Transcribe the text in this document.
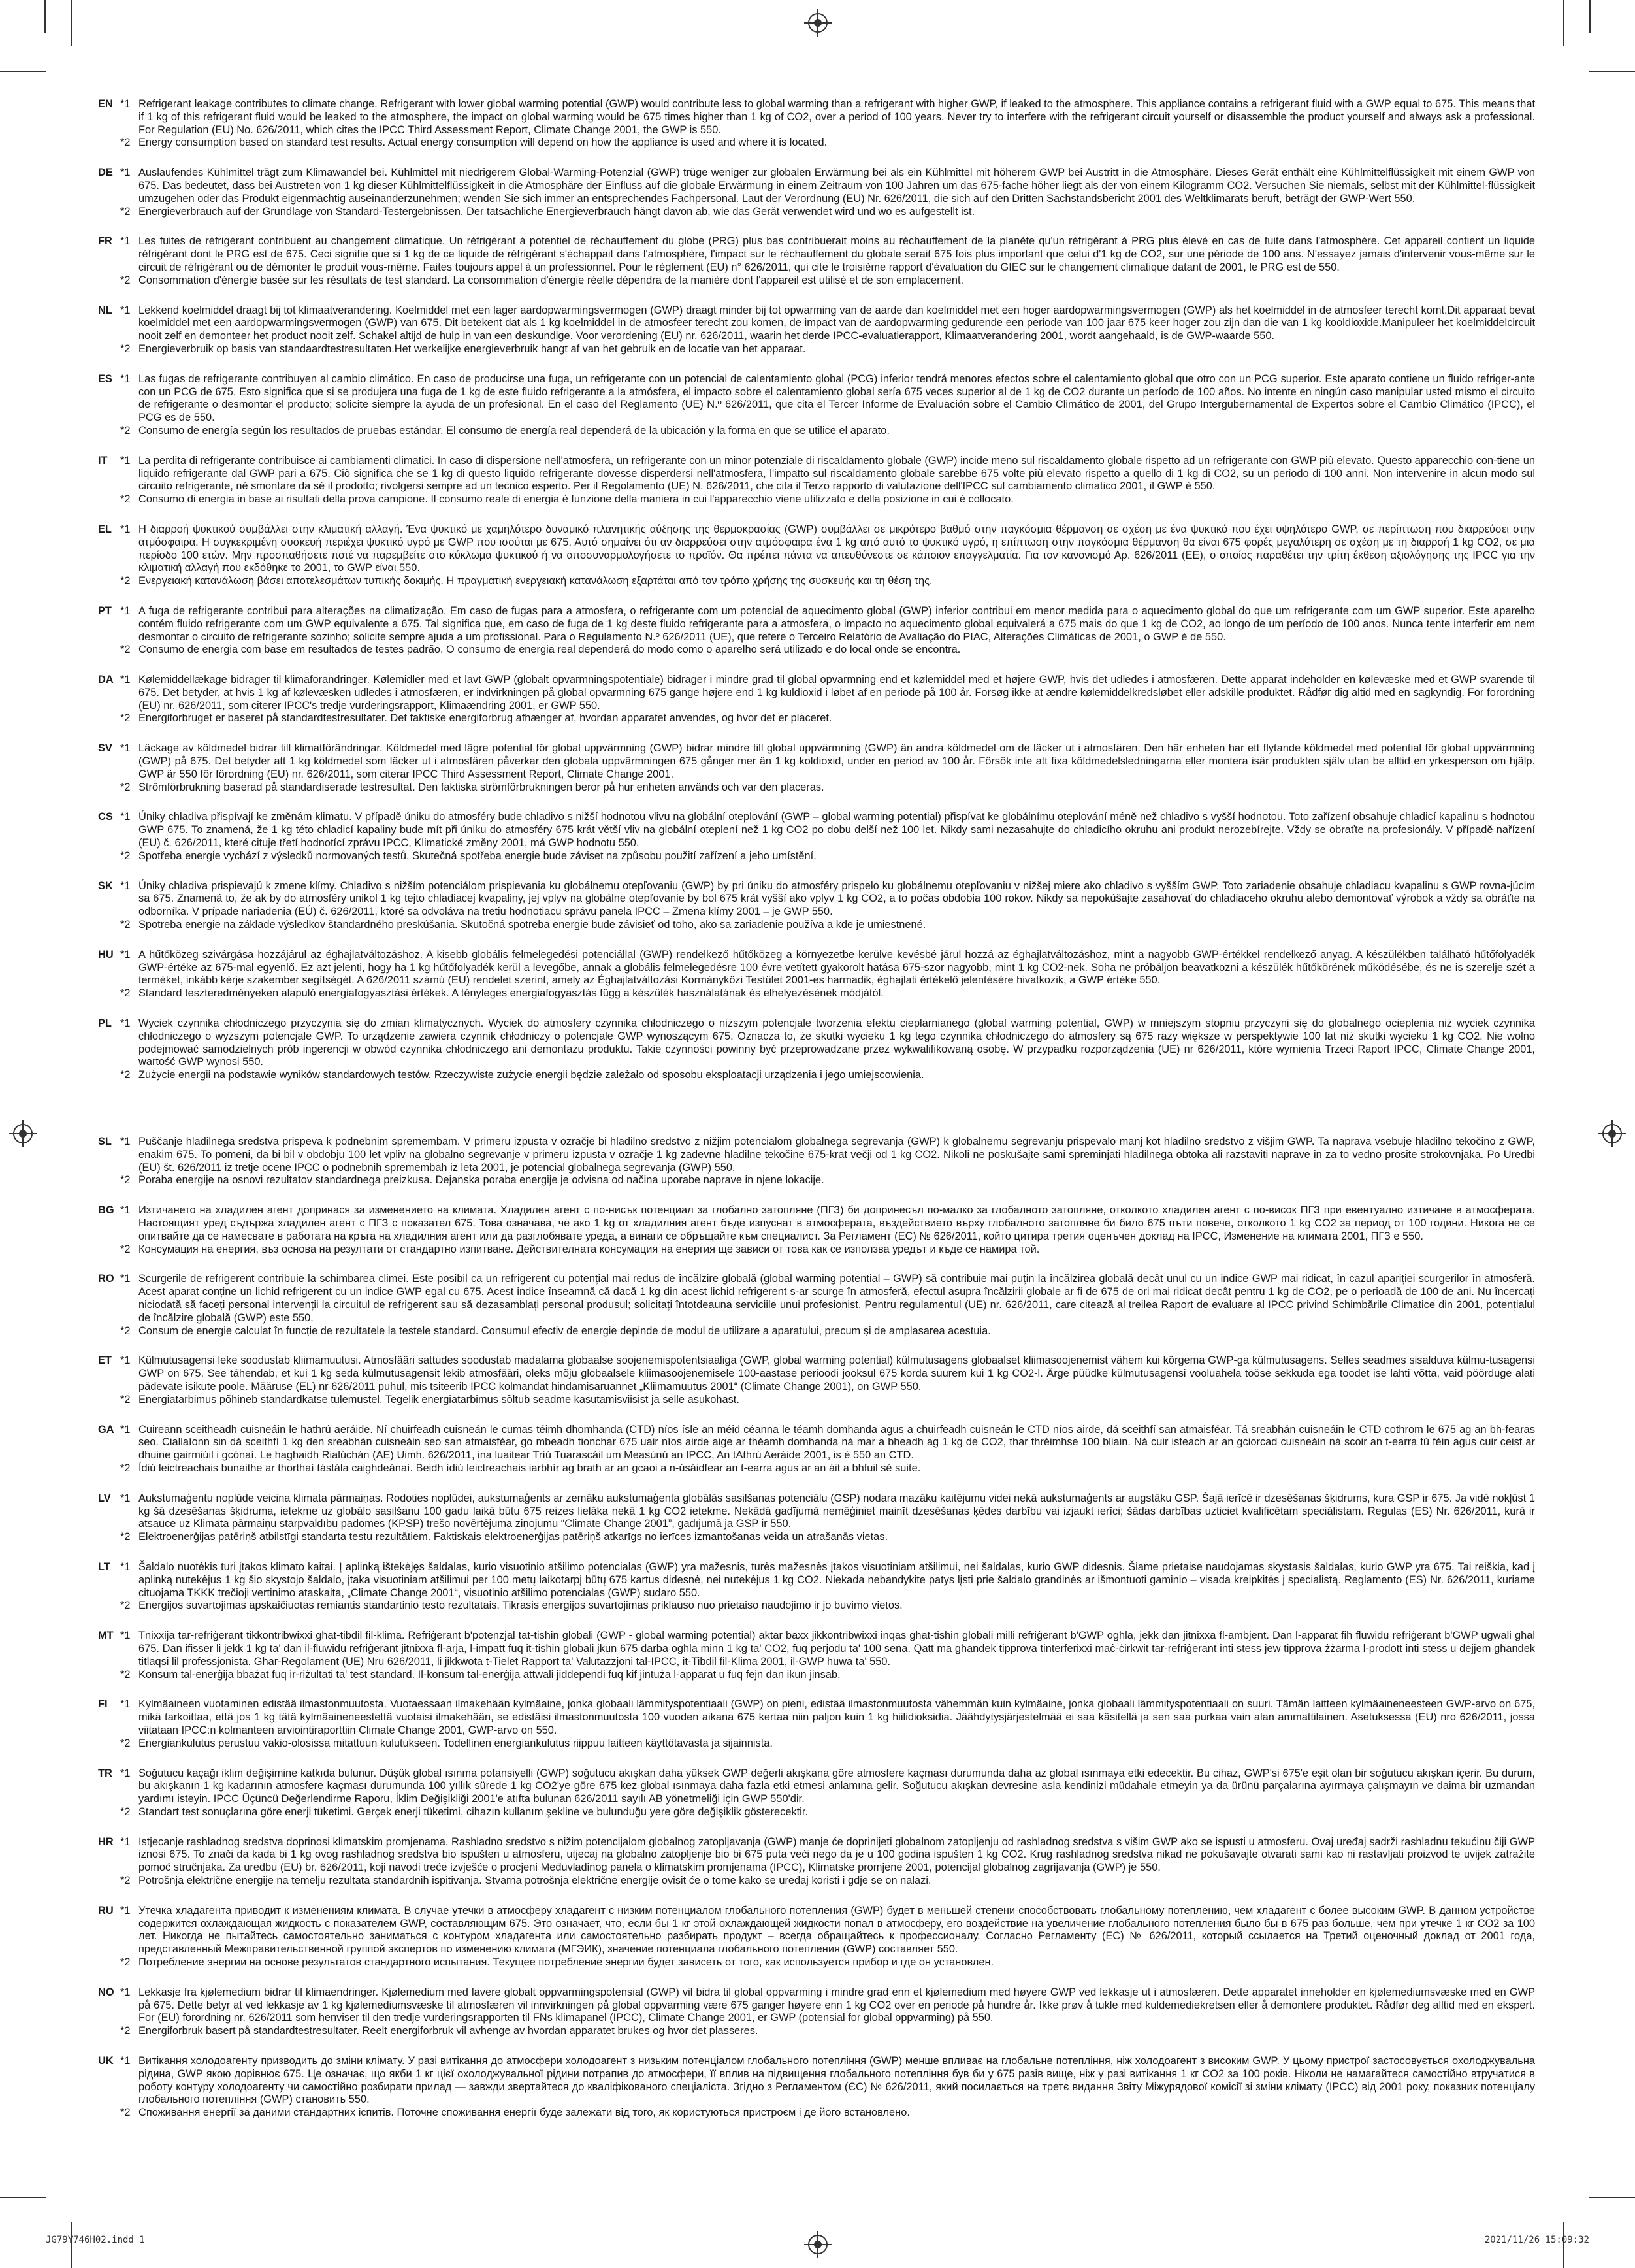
EN *1 Refrigerant leakage contributes to climate change. Refrigerant with lower global warming potential (GWP) would contribute less to global warming than a refrigerant with higher GWP, if leaked to the atmosphere. This appliance contains a refrigerant fluid with a GWP equal to 675. This means that if 1 kg of this refrigerant fluid would be leaked to the atmosphere, the impact on global warming would be 675 times higher than 1 kg of CO2, over a period of 100 years. Never try to interfere with the refrigerant circuit yourself or disassemble the product yourself and always ask a professional. For Regulation (EU) No. 626/2011, which cites the IPCC Third Assessment Report, Climate Change 2001, the GWP is 550.
*2 Energy consumption based on standard test results. Actual energy consumption will depend on how the appliance is used and where it is located.
DE *1 Auslaufendes Kühlmittel trägt zum Klimawandel bei. Kühlmittel mit niedrigerem Global-Warming-Potenzial (GWP) trüge weniger zur globalen Erwärmung bei als ein Kühlmittel mit höherem GWP bei Austritt in die Atmosphäre. Dieses Gerät enthält eine Kühlmittelflüssigkeit mit einem GWP von 675. Das bedeutet, dass bei Austreten von 1 kg dieser Kühlmittelflüssigkeit in die Atmosphäre der Einfluss auf die globale Erwärmung in einem Zeitraum von 100 Jahren um das 675-fache höher liegt als der von einem Kilogramm CO2. Versuchen Sie niemals, selbst mit der Kühlmittel-flüssigkeit umzugehen oder das Produkt eigenmächtig auseinanderzunehmen; wenden Sie sich immer an entsprechendes Fachpersonal. Laut der Verordnung (EU) Nr. 626/2011, die sich auf den Dritten Sachstandsbericht 2001 des Weltklimarats beruft, beträgt der GWP-Wert 550.
*2 Energieverbrauch auf der Grundlage von Standard-Testergebnissen. Der tatsächliche Energieverbrauch hängt davon ab, wie das Gerät verwendet wird und wo es aufgestellt ist.
FR *1 Les fuites de réfrigérant contribuent au changement climatique. Un réfrigérant à potentiel de réchauffement du globe (PRG) plus bas contribuerait moins au réchauffement de la planète qu'un réfrigérant à PRG plus élevé en cas de fuite dans l'atmosphère. Cet appareil contient un liquide réfrigérant dont le PRG est de 675. Ceci signifie que si 1 kg de ce liquide de réfrigérant s'échappait dans l'atmosphère, l'impact sur le réchauffement du globale serait 675 fois plus important que celui d'1 kg de CO2, sur une période de 100 ans. N'essayez jamais d'intervenir vous-même sur le circuit de réfrigérant ou de démonter le produit vous-même. Faites toujours appel à un professionnel. Pour le règlement (EU) n° 626/2011, qui cite le troisième rapport d'évaluation du GIEC sur le changement climatique datant de 2001, le PRG est de 550.
*2 Consommation d'énergie basée sur les résultats de test standard. La consommation d'énergie réelle dépendra de la manière dont l'appareil est utilisé et de son emplacement.
NL *1 Lekkend koelmiddel draagt bij tot klimaatverandering. Koelmiddel met een lager aardopwarmingsvermogen (GWP) draagt minder bij tot opwarming van de aarde dan koelmiddel met een hoger aardopwarmingsvermogen (GWP) als het koelmiddel in de atmosfeer terecht komt.Dit apparaat bevat koelmiddel met een aardopwarmingsvermogen (GWP) van 675. Dit betekent dat als 1 kg koelmiddel in de atmosfeer terecht zou komen, de impact van de aardopwarming gedurende een periode van 100 jaar 675 keer hoger zou zijn dan die van 1 kg kooldioxide.Manipuleer het koelmiddelcircuit nooit zelf en demonteer het product nooit zelf. Schakel altijd de hulp in van een deskundige. Voor verordening (EU) nr. 626/2011, waarin het derde IPCC-evaluatierapport, Klimaatverandering 2001, wordt aangehaald, is de GWP-waarde 550.
*2 Energieverbruik op basis van standaardtestresultaten.Het werkelijke energieverbruik hangt af van het gebruik en de locatie van het apparaat.
ES *1 Las fugas de refrigerante contribuyen al cambio climático. En caso de producirse una fuga, un refrigerante con un potencial de calentamiento global (PCG) inferior tendrá menores efectos sobre el calentamiento global que otro con un PCG superior. Este aparato contiene un fluido refriger-ante con un PCG de 675. Esto significa que si se produjera una fuga de 1 kg de este fluido refrigerante a la atmósfera, el impacto sobre el calentamiento global sería 675 veces superior al de 1 kg de CO2 durante un período de 100 años. No intente en ningún caso manipular usted mismo el circuito de refrigerante o desmontar el producto; solicite siempre la ayuda de un profesional. En el caso del Reglamento (UE) N.º 626/2011, que cita el Tercer Informe de Evaluación sobre el Cambio Climático de 2001, del Grupo Intergubernamental de Expertos sobre el Cambio Climático (IPCC), el PCG es de 550.
*2 Consumo de energía según los resultados de pruebas estándar. El consumo de energía real dependerá de la ubicación y la forma en que se utilice el aparato.
IT	*1 La perdita di refrigerante contribuisce ai cambiamenti climatici. In caso di dispersione nell'atmosfera, un refrigerante con un minor potenziale di riscaldamento globale (GWP) incide meno sul riscaldamento globale rispetto ad un refrigerante con GWP più elevato. Questo apparecchio con-tiene un liquido refrigerante dal GWP pari a 675. Ciò significa che se 1 kg di questo liquido refrigerante dovesse disperdersi nell'atmosfera, l'impatto sul riscaldamento globale sarebbe 675 volte più elevato rispetto a quello di 1 kg di CO2, su un periodo di 100 anni. Non intervenire in alcun modo sul circuito refrigerante, né smontare da sé il prodotto; rivolgersi sempre ad un tecnico esperto. Per il Regolamento (UE) N. 626/2011, che cita il Terzo rapporto di valutazione dell'IPCC sul cambiamento climatico 2001, il GWP è 550.
*2 Consumo di energia in base ai risultati della prova campione. Il consumo reale di energia è funzione della maniera in cui l'apparecchio viene utilizzato e della posizione in cui è collocato.
EL *1 Η διαρροή ψυκτικού συμβάλλει στην κλιματική αλλαγή. Ένα ψυκτικό με χαμηλότερο δυναμικό πλανητικής αύξησης της θερμοκρασίας (GWP) συμβάλλει σε μικρότερο βαθμό στην παγκόσμια θέρμανση σε σχέση με ένα ψυκτικό που έχει υψηλότερο GWP, σε περίπτωση που διαρρεύσει στην ατμόσφαιρα. Η συγκεκριμένη συσκευή περιέχει ψυκτικό υγρό με GWP που ισούται με 675. Αυτό σημαίνει ότι αν διαρρεύσει στην ατμόσφαιρα ένα 1 kg από αυτό το ψυκτικό υγρό, η επίπτωση στην παγκόσμια θέρμανση θα είναι 675 φορές μεγαλύτερη σε σχέση με τη διαρροή 1 kg CO2, σε μια περίοδο 100 ετών. Μην προσπαθήσετε ποτέ να παρεμβείτε στο κύκλωμα ψυκτικού ή να αποσυναρμολογήσετε το προϊόν. Θα πρέπει πάντα να απευθύνεστε σε κάποιον επαγγελματία. Για τον κανονισμό Αρ. 626/2011 (ΕΕ), ο οποίος παραθέτει την τρίτη έκθεση αξιολόγησης της IPCC για την κλιματική αλλαγή που εκδόθηκε το 2001, το GWP είναι 550.
*2 Ενεργειακή κατανάλωση βάσει αποτελεσμάτων τυπικής δοκιμής. Η πραγματική ενεργειακή κατανάλωση εξαρτάται από τον τρόπο χρήσης της συσκευής και τη θέση της.
PT *1 A fuga de refrigerante contribui para alterações na climatização. Em caso de fugas para a atmosfera, o refrigerante com um potencial de aquecimento global (GWP) inferior contribui em menor medida para o aquecimento global do que um refrigerante com um GWP superior. Este aparelho contém fluido refrigerante com um GWP equivalente a 675. Tal significa que, em caso de fuga de 1 kg deste fluido refrigerante para a atmosfera, o impacto no aquecimento global equivalerá a 675 mais do que 1 kg de CO2, ao longo de um período de 100 anos. Nunca tente interferir em nem desmontar o circuito de refrigerante sozinho; solicite sempre ajuda a um profissional. Para o Regulamento N.º 626/2011 (UE), que refere o Terceiro Relatório de Avaliação do PIAC, Alterações Climáticas de 2001, o GWP é de 550.
*2 Consumo de energia com base em resultados de testes padrão. O consumo de energia real dependerá do modo como o aparelho será utilizado e do local onde se encontra.
DA *1 Kølemiddellækage bidrager til klimaforandringer. Kølemidler med et lavt GWP (globalt opvarmningspotentiale) bidrager i mindre grad til global opvarmning end et kølemiddel med et højere GWP, hvis det udledes i atmosfæren. Dette apparat indeholder en kølevæske med et GWP svarende til 675. Det betyder, at hvis 1 kg af kølevæsken udledes i atmosfæren, er indvirkningen på global opvarmning 675 gange højere end 1 kg kuldioxid i løbet af en periode på 100 år. Forsøg ikke at ændre kølemiddelkredsløbet eller adskille produktet. Rådfør dig altid med en sagkyndig. For forordning (EU) nr. 626/2011, som citerer IPCC's tredje vurderingsrapport, Klimaændring 2001, er GWP 550.
*2 Energiforbruget er baseret på standardtestresultater. Det faktiske energiforbrug afhænger af, hvordan apparatet anvendes, og hvor det er placeret.
SV *1 Läckage av köldmedel bidrar till klimatförändringar. Köldmedel med lägre potential för global uppvärmning (GWP) bidrar mindre till global uppvärmning (GWP) än andra köldmedel om de läcker ut i atmosfären. Den här enheten har ett flytande köldmedel med potential för global uppvärmning (GWP) på 675. Det betyder att 1 kg köldmedel som läcker ut i atmosfären påverkar den globala uppvärmningen 675 gånger mer än 1 kg koldioxid, under en period av 100 år. Försök inte att fixa köldmedelsledningarna eller montera isär produkten själv utan be alltid en yrkesperson om hjälp. GWP är 550 för förordning (EU) nr. 626/2011, som citerar IPCC Third Assessment Report, Climate Change 2001.
*2 Strömförbrukning baserad på standardiserade testresultat. Den faktiska strömförbrukningen beror på hur enheten används och var den placeras.
CS *1 Úniky chladiva přispívají ke změnám klimatu. V případě úniku do atmosféry bude chladivo s nižší hodnotou vlivu na globální oteplování (GWP – global warming potential) přispívat ke globálnímu oteplování méně než chladivo s vyšší hodnotou. Toto zařízení obsahuje chladicí kapalinu s hodnotou GWP 675. To znamená, že 1 kg této chladicí kapaliny bude mít při úniku do atmosféry 675 krát větší vliv na globální oteplení než 1 kg CO2 po dobu delší než 100 let. Nikdy sami nezasahujte do chladicího okruhu ani produkt nerozebírejte. Vždy se obraťte na profesionály. V případě nařízení (EU) č. 626/2011, které cituje třetí hodnotící zprávu IPCC, Klimatické změny 2001, má GWP hodnotu 550.
*2 Spotřeba energie vychází z výsledků normovaných testů. Skutečná spotřeba energie bude záviset na způsobu použití zařízení a jeho umístění.
SK *1 Úniky chladiva prispievajú k zmene klímy. Chladivo s nižším potenciálom prispievania ku globálnemu otepľovaniu (GWP) by pri úniku do atmosféry prispelo ku globálnemu otepľovaniu v nižšej miere ako chladivo s vyšším GWP. Toto zariadenie obsahuje chladiacu kvapalinu s GWP rovna-júcim sa 675. Znamená to, že ak by do atmosféry unikol 1 kg tejto chladiacej kvapaliny, jej vplyv na globálne otepľovanie by bol 675 krát vyšší ako vplyv 1 kg CO2, a to počas obdobia 100 rokov. Nikdy sa nepokúšajte zasahovať do chladiaceho okruhu alebo demontovať výrobok a vždy sa obráťte na odborníka. V prípade nariadenia (EÚ) č. 626/2011, ktoré sa odvoláva na tretiu hodnotiacu správu panela IPCC – Zmena klímy 2001 – je GWP 550.
*2 Spotreba energie na základe výsledkov štandardného preskúšania. Skutočná spotreba energie bude závisieť od toho, ako sa zariadenie používa a kde je umiestnené.
HU *1 A hűtőközeg szivárgása hozzájárul az éghajlatváltozáshoz. A kisebb globális felmelegedési potenciállal (GWP) rendelkező hűtőközeg a környezetbe kerülve kevésbé járul hozzá az éghajlatváltozáshoz, mint a nagyobb GWP-értékkel rendelkező anyag. A készülékben található hűtőfolyadék GWP-értéke az 675-mal egyenlő. Ez azt jelenti, hogy ha 1 kg hűtőfolyadék kerül a levegőbe, annak a globális felmelegedésre 100 évre vetített gyakorolt hatása 675-szor nagyobb, mint 1 kg CO2-nek. Soha ne próbáljon beavatkozni a készülék hűtőkörének működésébe, és ne is szerelje szét a terméket, inkább kérje szakember segítségét. A 626/2011 számú (EU) rendelet szerint, amely az Éghajlatváltozási Kormányközi Testület 2001-es harmadik, éghajlati értékelő jelentésére hivatkozik, a GWP értéke 550.
*2 Standard teszteredményeken alapuló energiafogyasztási értékek. A tényleges energiafogyasztás függ a készülék használatának és elhelyezésének módjától.
PL *1 Wyciek czynnika chłodniczego przyczynia się do zmian klimatycznych. Wyciek do atmosfery czynnika chłodniczego o niższym potencjale tworzenia efektu cieplarnianego (global warming potential, GWP) w mniejszym stopniu przyczyni się do globalnego ocieplenia niż wyciek czynnika chłodniczego o wyższym potencjale GWP. To urządzenie zawiera czynnik chłodniczy o potencjale GWP wynoszącym 675. Oznacza to, że skutki wycieku 1 kg tego czynnika chłodniczego do atmosfery są 675 razy większe w perspektywie 100 lat niż skutki wycieku 1 kg CO2. Nie wolno podejmować samodzielnych prób ingerencji w obwód czynnika chłodniczego ani demontażu produktu. Takie czynności powinny być przeprowadzane przez wykwalifikowaną osobę. W przypadku rozporządzenia (UE) nr 626/2011, które wymienia Trzeci Raport IPCC, Climate Change 2001, wartość GWP wynosi 550.
*2 Zużycie energii na podstawie wyników standardowych testów. Rzeczywiste zużycie energii będzie zależało od sposobu eksploatacji urządzenia i jego umiejscowienia.
SL *1 Puščanje hladilnega sredstva prispeva k podnebnim spremembam. V primeru izpusta v ozračje bi hladilno sredstvo z nižjim potencialom globalnega segrevanja (GWP) k globalnemu segrevanju prispevalo manj kot hladilno sredstvo z višjim GWP. Ta naprava vsebuje hladilno tekočino z GWP, enakim 675. To pomeni, da bi bil v obdobju 100 let vpliv na globalno segrevanje v primeru izpusta v ozračje 1 kg zadevne hladilne tekočine 675-krat večji od 1 kg CO2. Nikoli ne poskušajte sami spreminjati hladilnega obtoka ali razstaviti naprave in za to vedno prosite strokovnjaka. Po Uredbi (EU) št. 626/2011 iz tretje ocene IPCC o podnebnih spremembah iz leta 2001, je potencial globalnega segrevanja (GWP) 550.
*2 Poraba energije na osnovi rezultatov standardnega preizkusa. Dejanska poraba energije je odvisna od načina uporabe naprave in njene lokacije.
BG *1 Изтичането на хладилен агент допринася за изменението на климата. Хладилен агент с по-нисък потенциал за глобално затопляне (ПГЗ) би допринесъл по-малко за глобалното затопляне, отколкото хладилен агент с по-висок ПГЗ при евентуално изтичане в атмосферата. Настоящият уред съдържа хладилен агент с ПГЗ с показател 675. Това означава, че ако 1 kg от хладилния агент бъде изпуснат в атмосферата, въздействието върху глобалното затопляне би било 675 пъти повече, отколкото 1 kg CO2 за период от 100 години. Никога не се опитвайте да се намесвате в работата на кръга на хладилния агент или да разглобявате уреда, а винаги се обръщайте към специалист. За Регламент (ЕС) № 626/2011, който цитира третия оценъчен доклад на IPCC, Изменение на климата 2001, ПГЗ е 550.
*2 Консумация на енергия, въз основа на резултати от стандартно изпитване. Действителната консумация на енергия ще зависи от това как се използва уредът и къде се намира той.
RO *1 Scurgerile de refrigerent contribuie la schimbarea climei. Este posibil ca un refrigerent cu potențial mai redus de încălzire globală (global warming potential – GWP) să contribuie mai puțin la încălzirea globală decât unul cu un indice GWP mai ridicat, în cazul apariției scurgerilor în atmosferă. Acest aparat conține un lichid refrigerent cu un indice GWP egal cu 675. Acest indice înseamnă că dacă 1 kg din acest lichid refrigerent s-ar scurge în atmosferă, efectul asupra încălzirii globale ar fi de 675 de ori mai ridicat decât pentru 1 kg de CO2, pe o perioadă de 100 de ani. Nu încercați niciodată să faceți personal intervenții la circuitul de refrigerent sau să dezasamblați personal produsul; solicitați întotdeauna serviciile unui profesionist. Pentru regulamentul (UE) nr. 626/2011, care citează al treilea Raport de evaluare al IPCC privind Schimbările Climatice din 2001, potențialul de încălzire globală (GWP) este 550.
*2 Consum de energie calculat în funcție de rezultatele la testele standard. Consumul efectiv de energie depinde de modul de utilizare a aparatului, precum și de amplasarea acestuia.
ET *1 Külmutusagensi leke soodustab kliimamuutusi. Atmosfääri sattudes soodustab madalama globaalse soojenemispotentsiaaliga (GWP, global warming potential) külmutusagens globaalset kliimasoojenemist vähem kui kõrgema GWP-ga külmutusagens. Selles seadmes sisalduva külmu-tusagensi GWP on 675. See tähendab, et kui 1 kg seda külmutusagensit lekib atmosfääri, oleks mõju globaalsele kliimasoojenemisele 100-aastase perioodi jooksul 675 korda suurem kui 1 kg CO2-l. Ärge püüdke külmutusagensi vooluahela tööse sekkuda ega toodet ise lahti võtta, vaid pöörduge alati pädevate isikute poole. Määruse (EL) nr 626/2011 puhul, mis tsiteerib IPCC kolmandat hindamisaruannet „Kliimamuutus 2001“ (Climate Change 2001), on GWP 550.
*2 Energiatarbimus põhineb standardkatse tulemustel. Tegelik energiatarbimus sõltub seadme kasutamisviisist ja selle asukohast.
GA *1 Cuireann sceitheadh cuisneáin le hathrú aeráide. Ní chuirfeadh cuisneán le cumas téimh dhomhanda (CTD) níos ísle an méid céanna le téamh domhanda agus a chuirfeadh cuisneán le CTD níos airde, dá sceithfí san atmaisféar. Tá sreabhán cuisneáin le CTD cothrom le 675 ag an bh-fearas seo. Ciallaíonn sin dá sceithfí 1 kg den sreabhán cuisneáin seo san atmaisféar, go mbeadh tionchar 675 uair níos airde aige ar théamh domhanda ná mar a bheadh ag 1 kg de CO2, thar thréimhse 100 bliain. Ná cuir isteach ar an gciorcad cuisneáin ná scoir an t-earra tú féin agus cuir ceist ar dhuine gairmiúil i gcónaí. Le haghaidh Rialúchán (AE) Uimh. 626/2011, ina luaitear Tríú Tuarascáil um Measúnú an IPCC, An tAthrú Aeráide 2001, is é 550 an CTD.
*2 Ídiú leictreachais bunaithe ar thorthaí tástála caighdeánaí. Beidh ídiú leictreachais iarbhír ag brath ar an gcaoi a n-úsáidfear an t-earra agus ar an áit a bhfuil sé suite.
LV *1 Aukstumaģentu noplūde veicina klimata pārmaiņas. Rodoties noplūdei, aukstumaģents ar zemāku aukstumaģenta globālās sasilšanas potenciālu (GSP) nodara mazāku kaitējumu videi nekā aukstumaģents ar augstāku GSP. Šajā ierīcē ir dzesēšanas šķidrums, kura GSP ir 675. Ja vidē nokļūst 1 kg šā dzesēšanas šķidruma, ietekme uz globālo sasilšanu 100 gadu laikā būtu 675 reizes lielāka nekā 1 kg CO2 ietekme. Nekādā gadījumā nemēģiniet mainīt dzesēšanas ķēdes darbību vai izjaukt ierīci; šādas darbības uzticiet kvalificētam speciālistam. Regulas (ES) Nr. 626/2011, kurā ir atsauce uz Klimata pārmaiņu starpvaldību padomes (KPSP) trešo novērtējuma ziņojumu “Climate Change 2001”, gadījumā ja GSP ir 550.
*2 Elektroenerģijas patēriņš atbilstīgi standarta testu rezultātiem. Faktiskais elektroenerģijas patēriņš atkarīgs no ierīces izmantošanas veida un atrašanās vietas.
LT *1 Šaldalo nuotėkis turi įtakos klimato kaitai. Į aplinką ištekėjęs šaldalas, kurio visuotinio atšilimo potencialas (GWP) yra mažesnis, turės mažesnės įtakos visuotiniam atšilimui, nei šaldalas, kurio GWP didesnis. Šiame prietaise naudojamas skystasis šaldalas, kurio GWP yra 675. Tai reiškia, kad į aplinką nutekėjus 1 kg šio skystojo šaldalo, įtaka visuotiniam atšilimui per 100 metų laikotarpį būtų 675 kartus didesnė, nei nutekėjus 1 kg CO2. Niekada nebandykite patys lįsti prie šaldalo grandinės ar išmontuoti gaminio – visada kreipkitės į specialistą. Reglamento (ES) Nr. 626/2011, kuriame cituojama TKKK trečioji vertinimo ataskaita, „Climate Change 2001“, visuotinio atšilimo potencialas (GWP) sudaro 550.
*2 Energijos suvartojimas apskaičiuotas remiantis standartinio testo rezultatais. Tikrasis energijos suvartojimas priklauso nuo prietaiso naudojimo ir jo buvimo vietos.
MT *1 Tnixxija tar-refriġerant tikkontribwixxi għat-tibdil fil-klima. Refriġerant b'potenzjal tat-tisħin globali (GWP - global warming potential) aktar baxx jikkontribwixxi inqas għat-tisħin globali milli refriġerant b'GWP ogħla, jekk dan jitnixxa fl-ambjent. Dan l-apparat fih fluwidu refriġerant b'GWP ugwali għal 675. Dan ifisser li jekk 1 kg ta' dan il-fluwidu refriġerant jitnixxa fl-arja, l-impatt fuq it-tisħin globali jkun 675 darba ogħla minn 1 kg ta' CO2, fuq perjodu ta' 100 sena. Qatt ma għandek tipprova tinterferixxi maċ-ċirkwit tar-refriġerant inti stess jew tipprova żżarma l-prodott inti stess u dejjem għandek titlaqsi lil professjonista. Għar-Regolament (UE) Nru 626/2011, li jikkwota t-Tielet Rapport ta' Valutazzjoni tal-IPCC, it-Tibdil fil-Klima 2001, il-GWP huwa ta' 550.
*2 Konsum tal-enerġija bbażat fuq ir-riżultati ta' test standard. Il-konsum tal-enerġija attwali jiddependi fuq kif jintuża l-apparat u fuq fejn dan ikun jinsab.
FI	*1 Kylmäaineen vuotaminen edistää ilmastonmuutosta. Vuotaessaan ilmakehään kylmäaine, jonka globaali lämmityspotentiaali (GWP) on pieni, edistää ilmastonmuutosta vähemmän kuin kylmäaine, jonka globaali lämmityspotentiaali on suuri. Tämän laitteen kylmäaineneesteen GWP-arvo on 675, mikä tarkoittaa, että jos 1 kg tätä kylmäaineneestettä vuotaisi ilmakehään, se edistäisi ilmastonmuutosta 100 vuoden aikana 675 kertaa niin paljon kuin 1 kg hiilidioksidia. Jäähdytysjärjestelmää ei saa käsitellä ja sen saa purkaa vain alan ammattilainen. Asetuksessa (EU) nro 626/2011, jossa viitataan IPCC:n kolmanteen arviointiraporttiin Climate Change 2001, GWP-arvo on 550.
*2 Energiankulutus perustuu vakio-olosissa mitattuun kulutukseen. Todellinen energiankulutus riippuu laitteen käyttötavasta ja sijainnista.
TR *1 Soğutucu kaçağı iklim değişimine katkıda bulunur. Düşük global ısınma potansiyelli (GWP) soğutucu akışkan daha yüksek GWP değerli akışkana göre atmosfere kaçması durumunda daha az global ısınmaya etki edecektir. Bu cihaz, GWP'si 675'e eşit olan bir soğutucu akışkan içerir. Bu durum, bu akışkanın 1 kg kadarının atmosfere kaçması durumunda 100 yıllık sürede 1 kg CO2'ye göre 675 kez global ısınmaya daha fazla etki etmesi anlamına gelir. Soğutucu akışkan devresine asla kendinizi müdahale etmeyin ya da ürünü parçalarına ayırmaya çalışmayın ve daima bir uzmandan yardımı isteyin. IPCC Üçüncü Değerlendirme Raporu, İklim Değişikliği 2001'e atıfta bulunan 626/2011 sayılı AB yönetmeliği için GWP 550'dir.
*2 Standart test sonuçlarına göre enerji tüketimi. Gerçek enerji tüketimi, cihazın kullanım şekline ve bulunduğu yere göre değişiklik gösterecektir.
HR *1 Istjecanje rashladnog sredstva doprinosi klimatskim promjenama. Rashladno sredstvo s nižim potencijalom globalnog zatopljavanja (GWP) manje će doprinijeti globalnom zatopljenju od rashladnog sredstva s višim GWP ako se ispusti u atmosferu. Ovaj uređaj sadrži rashladnu tekućinu čiji GWP iznosi 675. To znači da kada bi 1 kg ovog rashladnog sredstva bio ispušten u atmosferu, utjecaj na globalno zatopljenje bio bi 675 puta veći nego da je u 100 godina ispušten 1 kg CO2. Krug rashladnog sredstva nikad ne pokušavajte otvarati sami kao ni rastavljati proizvod te uvijek zatražite pomoć stručnjaka. Za uredbu (EU) br. 626/2011, koji navodi treće izvješće o procjeni Međuvladinog panela o klimatskim promjenama (IPCC), Klimatske promjene 2001, potencijal globalnog zagrijavanja (GWP) je 550.
*2 Potrošnja električne energije na temelju rezultata standardnih ispitivanja. Stvarna potrošnja električne energije ovisit će o tome kako se uređaj koristi i gdje se on nalazi.
RU *1 Утечка хладагента приводит к изменениям климата. В случае утечки в атмосферу хладагент с низким потенциалом глобального потепления (GWP) будет в меньшей степени способствовать глобальному потеплению, чем хладагент с более высоким GWP. В данном устройстве содержится охлаждающая жидкость с показателем GWP, составляющим 675. Это означает, что, если бы 1 кг этой охлаждающей жидкости попал в атмосферу, его воздействие на увеличение глобального потепления было бы в 675 раз больше, чем при утечке 1 кг CO2 за 100 лет. Никогда не пытайтесь самостоятельно заниматься с контуром хладагента или самостоятельно разбирать продукт – всегда обращайтесь к профессионалу. Согласно Регламенту (ЕС) № 626/2011, который ссылается на Третий оценочный доклад от 2001 года, представленный Межправительственной группой экспертов по изменению климата (МГЭИК), значение потенциала глобального потепления (GWP) составляет 550.
*2 Потребление энергии на основе результатов стандартного испытания. Текущее потребление энергии будет зависеть от того, как используется прибор и где он установлен.
NO *1 Lekkasje fra kjølemedium bidrar til klimaendringer. Kjølemedium med lavere globalt oppvarmingspotensial (GWP) vil bidra til global oppvarming i mindre grad enn et kjølemedium med høyere GWP ved lekkasje ut i atmosfæren. Dette apparatet inneholder en kjølemediumsvæske med en GWP på 675. Dette betyr at ved lekkasje av 1 kg kjølemediumsvæske til atmosfæren vil innvirkningen på global oppvarming være 675 ganger høyere enn 1 kg CO2 over en periode på hundre år. Ikke prøv å tukle med kuldemediekretsen eller å demontere produktet. Rådfør deg alltid med en ekspert. For (EU) forordning nr. 626/2011 som henviser til den tredje vurderingsrapporten til FNs klimapanel (IPCC), Climate Change 2001, er GWP (potensial for global oppvarming) på 550.
*2 Energiforbruk basert på standardtestresultater. Reelt energiforbruk vil avhenge av hvordan apparatet brukes og hvor det plasseres.
UK *1 Витікання холодоагенту призводить до зміни клімату. У разі витікання до атмосфери холодоагент з низьким потенціалом глобального потепління (GWP) менше впливає на глобальне потепління, ніж холодоагент з високим GWP. У цьому пристрої застосовується охолоджувальна рідина, GWP якою дорівнює 675. Це означає, що якби 1 кг цієї охолоджувальної рідини потрапив до атмосфери, її вплив на підвищення глобального потепління був би у 675 разів вище, ніж у разі витікання 1 кг CO2 за 100 років. Ніколи не намагайтеся самостійно втручатися в роботу контуру холодоагенту чи самостійно розбирати прилад — завжди звертайтеся до кваліфікованого спеціаліста. Згідно з Регламентом (ЄС) № 626/2011, який посилається на третє видання Звіту Міжурядової комісії зі зміни клімату (IPCC) від 2001 року, показник потенціалу глобального потепління (GWP) становить 550.
*2 Споживання енергії за даними стандартних іспитів. Поточне споживання енергії буде залежати від того, як користуються пристроєм і де його встановлено.
JG79Y746H02.indd 1	2021/11/26 15:09:32
